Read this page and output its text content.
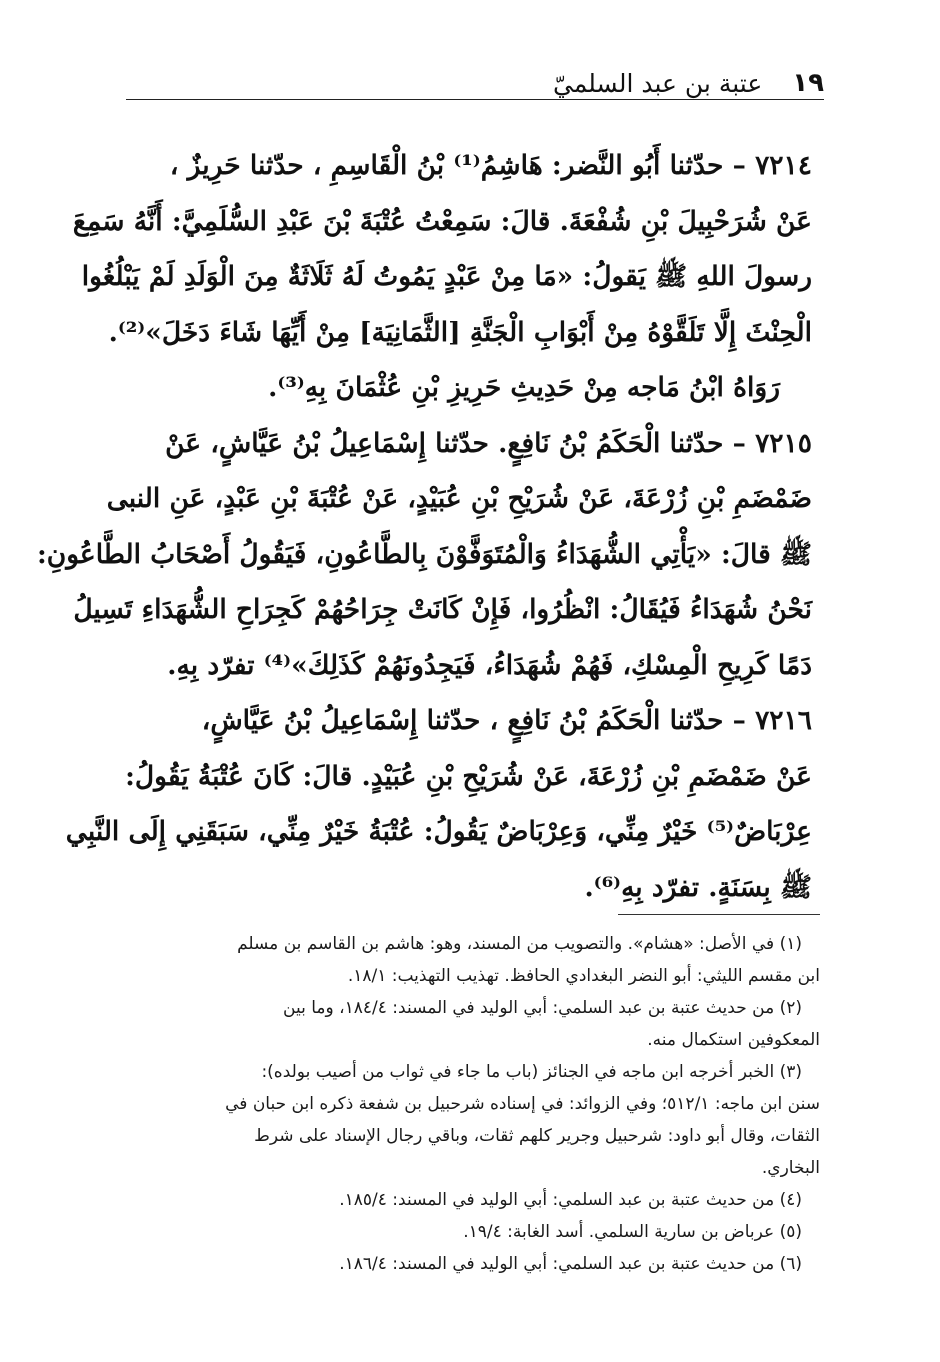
١٩
عتبة بن عبد السلميّ
٧٢١٤ – حدّثنا أَبُو النَّضر: هَاشِمُ⁽¹⁾ بْنُ الْقَاسِمِ ، حدّثنا حَرِيزٌ ،
عَنْ شُرَحْبِيلَ بْنِ شُفْعَةَ. قالَ: سَمِعْتُ عُتْبَةَ بْنَ عَبْدِ السُّلَمِيَّ: أَنَّهُ سَمِعَ
رسولَ اللهِ ﷺ يَقولُ: «مَا مِنْ عَبْدٍ يَمُوتُ لَهُ ثَلَاثَةٌ مِنَ الْوَلَدِ لَمْ يَبْلُغُوا
الْحِنْثَ إِلَّا تَلَقَّوْهُ مِنْ أَبْوَابِ الْجَنَّةِ [الثَّمَانِيَة] مِنْ أَيِّهَا شَاءَ دَخَلَ»⁽²⁾.
رَوَاهُ ابْنُ مَاجه مِنْ حَدِيثِ حَرِيزِ بْنِ عُثْمَانَ بِهِ⁽³⁾.
٧٢١٥ – حدّثنا الْحَكَمُ بْنُ نَافِعٍ. حدّثنا إِسْمَاعِيلُ بْنُ عَيَّاشٍ، عَنْ
ضَمْضَمِ بْنِ زُرْعَةَ، عَنْ شُرَيْحِ بْنِ عُبَيْدٍ، عَنْ عُتْبَةَ بْنِ عَبْدٍ، عَنِ النبى
ﷺ قالَ: «يَأْتِي الشُّهَدَاءُ وَالْمُتَوَفَّوْنَ بِالطَّاعُونِ، فَيَقُولُ أَصْحَابُ الطَّاعُونِ:
نَحْنُ شُهَدَاءُ فَيُقَالُ: انْظُرُوا، فَإِنْ كَانَتْ جِرَاحُهُمْ كَجِرَاحِ الشُّهَدَاءِ تَسِيلُ
دَمًا كَرِيحِ الْمِسْكِ، فَهُمْ شُهَدَاءُ، فَيَجِدُونَهُمْ كَذَلِكَ»⁽⁴⁾ تفرّد بِهِ.
٧٢١٦ – حدّثنا الْحَكَمُ بْنُ نَافِعٍ ، حدّثنا إِسْمَاعِيلُ بْنُ عَيَّاشٍ،
عَنْ ضَمْضَمِ بْنِ زُرْعَةَ، عَنْ شُرَيْحِ بْنِ عُبَيْدٍ. قالَ: كَانَ عُتْبَةُ يَقُولُ:
عِرْبَاضٌ⁽⁵⁾ خَيْرٌ مِنِّي، وَعِرْبَاضٌ يَقُولُ: عُتْبَةُ خَيْرٌ مِنِّي، سَبَقَنِي إِلَى النَّبِي
ﷺ بِسَنَةٍ. تفرّد بِهِ⁽⁶⁾.
(١) في الأصل: «هشام». والتصويب من المسند، وهو: هاشم بن القاسم بن مسلم
ابن مقسم الليثي: أبو النضر البغدادي الحافظ. تهذيب التهذيب: ١٨/١.
(٢) من حديث عتبة بن عبد السلمي: أبي الوليد في المسند: ١٨٤/٤، وما بين
المعكوفين استكمال منه.
(٣) الخبر أخرجه ابن ماجه في الجنائز (باب ما جاء في ثواب من أصيب بولده):
سنن ابن ماجه: ٥١٢/١؛ وفي الزوائد: في إسناده شرحبيل بن شفعة ذكره ابن حبان في
الثقات، وقال أبو داود: شرحبيل وجرير كلهم ثقات، وباقي رجال الإسناد على شرط
البخاري.
(٤) من حديث عتبة بن عبد السلمي: أبي الوليد في المسند: ١٨٥/٤.
(٥) عرباض بن سارية السلمي. أسد الغابة: ١٩/٤.
(٦) من حديث عتبة بن عبد السلمي: أبي الوليد في المسند: ١٨٦/٤.
